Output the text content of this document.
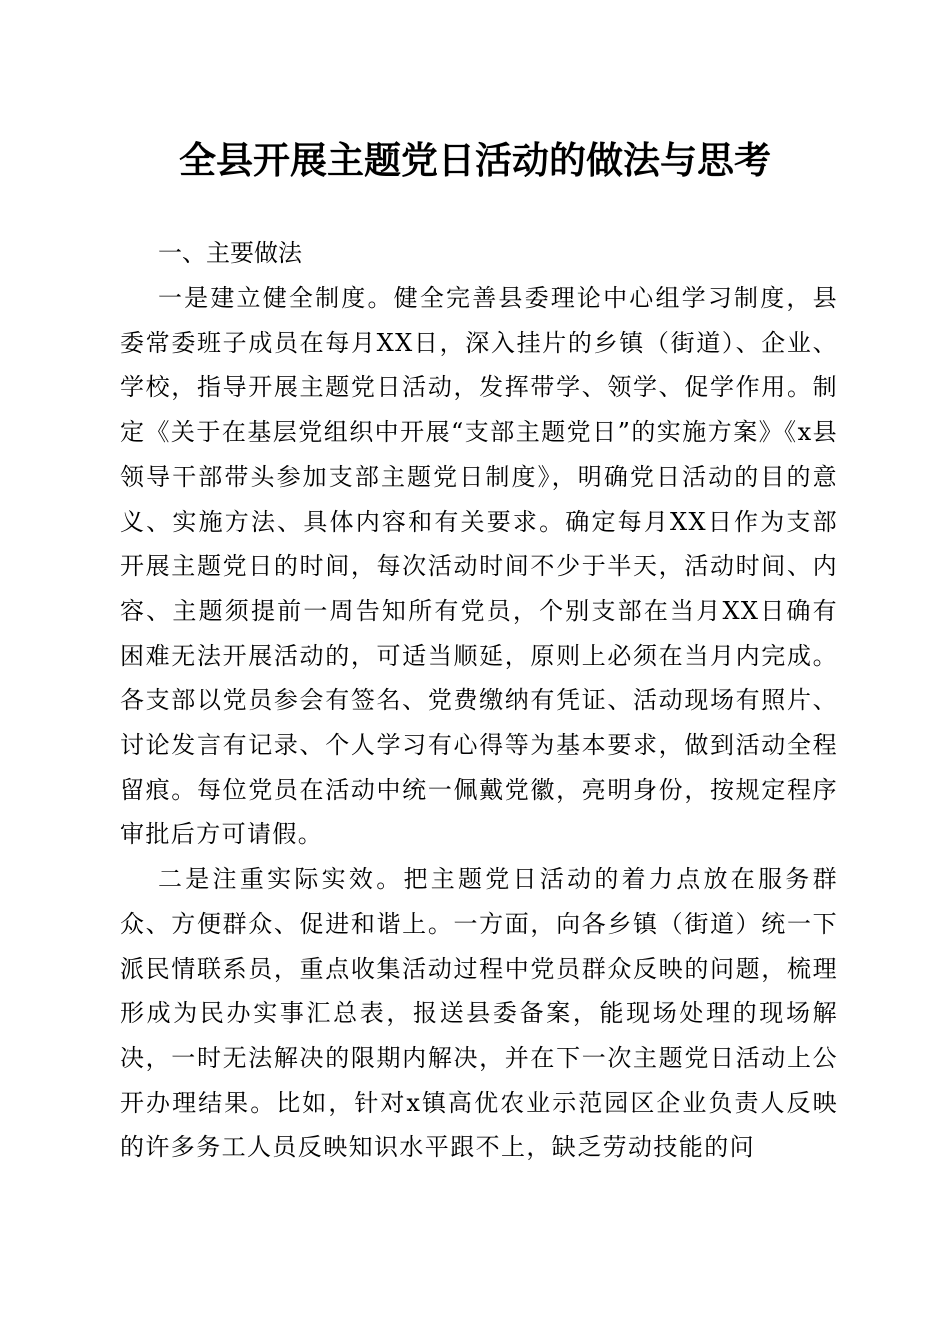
全县开展主题党日活动的做法与思考
一、主要做法

一是建立健全制度。健全完善县委理论中心组学习制度，县委常委班子成员在每月XX日，深入挂片的乡镇（街道）、企业、学校，指导开展主题党日活动，发挥带学、领学、促学作用。制定《关于在基层党组织中开展“支部主题党日”的实施方案》《x县领导干部带头参加支部主题党日制度》，明确党日活动的目的意义、实施方法、具体内容和有关要求。确定每月XX日作为支部开展主题党日的时间，每次活动时间不少于半天，活动时间、内容、主题须提前一周告知所有党员，个别支部在当月XX日确有困难无法开展活动的，可适当顺延，原则上必须在当月内完成。各支部以党员参会有签名、党费缴纳有凭证、活动现场有照片、讨论发言有记录、个人学习有心得等为基本要求，做到活动全程留痕。每位党员在活动中统一佩戴党徽，亮明身份，按规定程序审批后方可请假。

二是注重实际实效。把主题党日活动的着力点放在服务群众、方便群众、促进和谐上。一方面，向各乡镇（街道）统一下派民情联系员，重点收集活动过程中党员群众反映的问题，梳理形成为民办实事汇总表，报送县委备案，能现场处理的现场解决，一时无法解决的限期内解决，并在下一次主题党日活动上公开办理结果。比如，针对x镇高优农业示范园区企业负责人反映的许多务工人员反映知识水平跟不上，缺乏劳动技能的问
